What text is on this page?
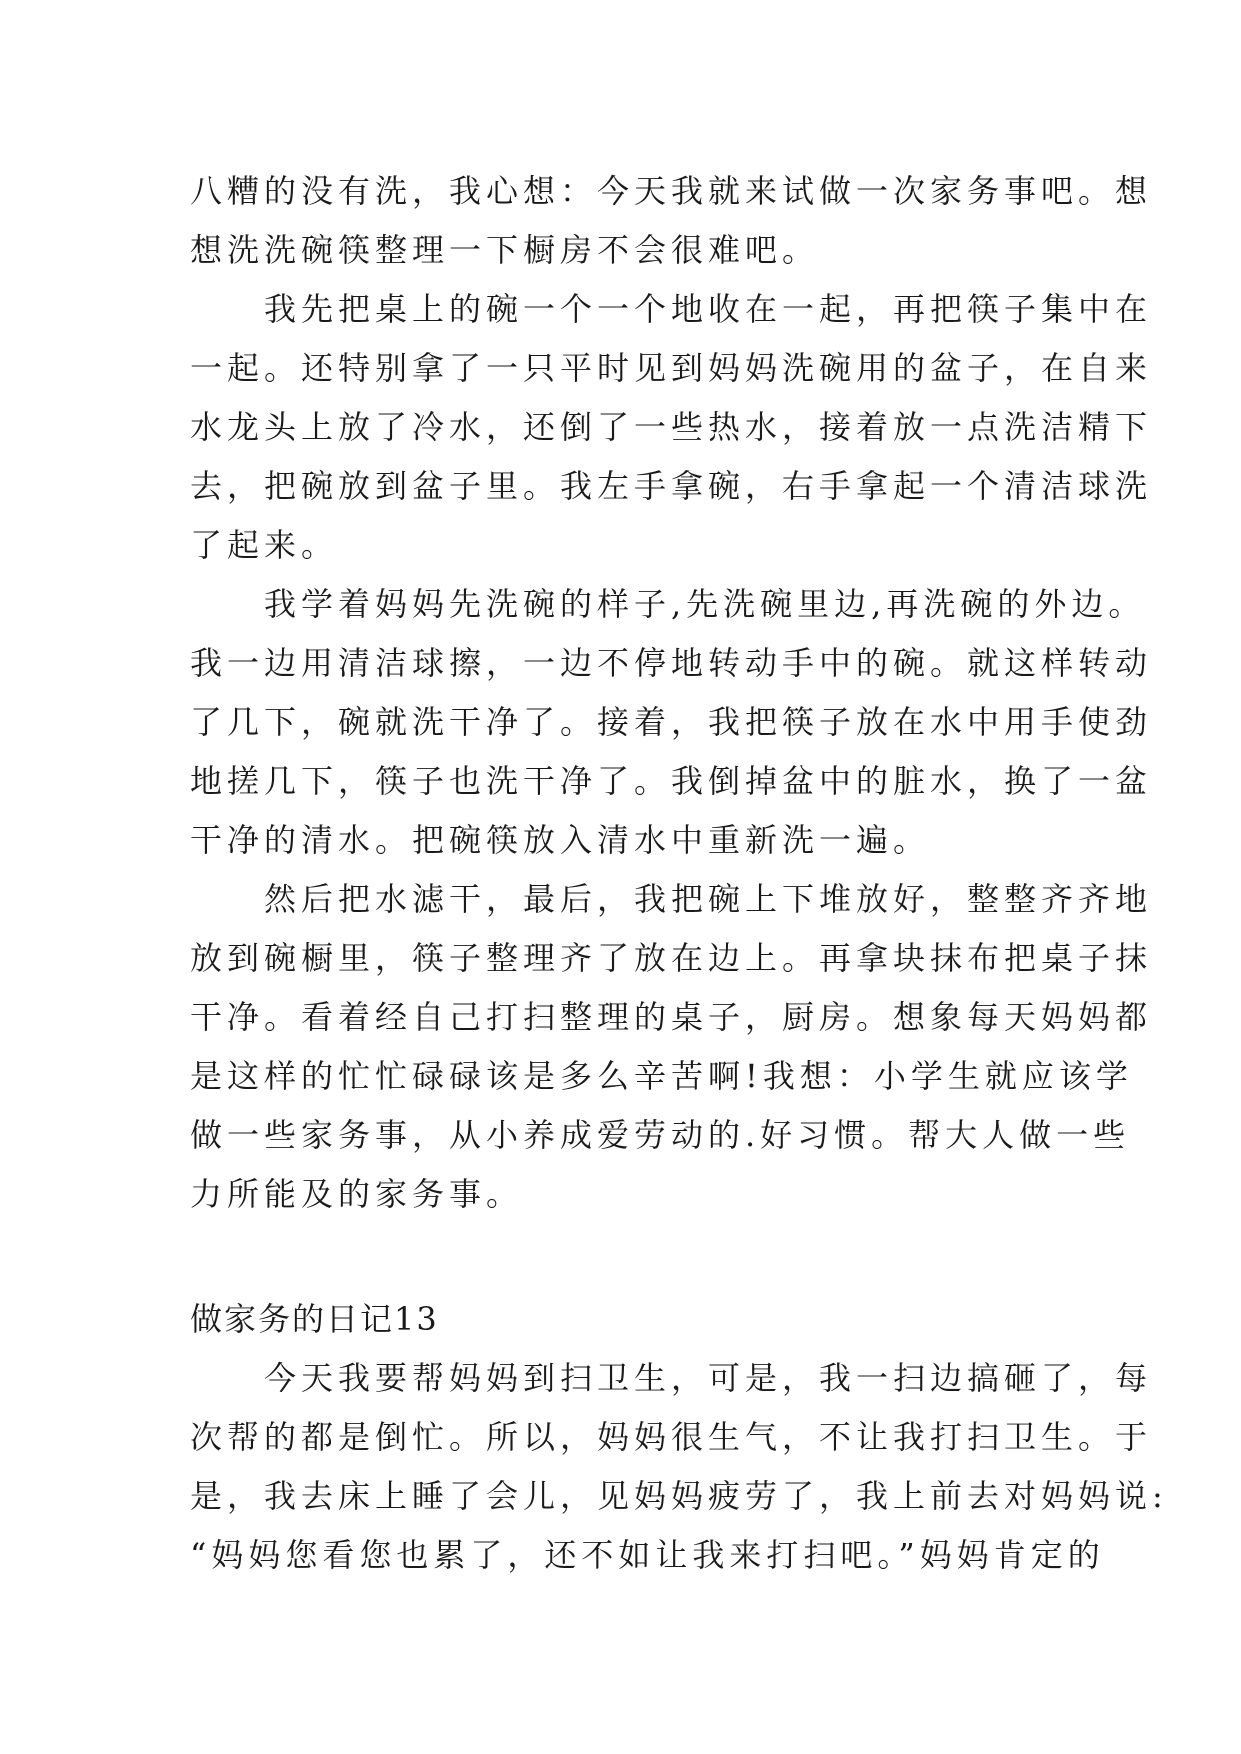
八糟的没有洗，我心想：今天我就来试做一次家务事吧。想
想洗洗碗筷整理一下橱房不会很难吧。
我先把桌上的碗一个一个地收在一起，再把筷子集中在
一起。还特别拿了一只平时见到妈妈洗碗用的盆子，在自来
水龙头上放了冷水，还倒了一些热水，接着放一点洗洁精下
去，把碗放到盆子里。我左手拿碗，右手拿起一个清洁球洗
了起来。
我学着妈妈先洗碗的样子,先洗碗里边,再洗碗的外边。
我一边用清洁球擦，一边不停地转动手中的碗。就这样转动
了几下，碗就洗干净了。接着，我把筷子放在水中用手使劲
地搓几下，筷子也洗干净了。我倒掉盆中的脏水，换了一盆
干净的清水。把碗筷放入清水中重新洗一遍。
然后把水滤干，最后，我把碗上下堆放好，整整齐齐地
放到碗橱里，筷子整理齐了放在边上。再拿块抹布把桌子抹
干净。看着经自己打扫整理的桌子，厨房。想象每天妈妈都
是这样的忙忙碌碌该是多么辛苦啊!我想：小学生就应该学
做一些家务事，从小养成爱劳动的.好习惯。帮大人做一些
力所能及的家务事。
做家务的日记13
今天我要帮妈妈到扫卫生，可是，我一扫边搞砸了，每
次帮的都是倒忙。所以，妈妈很生气，不让我打扫卫生。于
是，我去床上睡了会儿，见妈妈疲劳了，我上前去对妈妈说:
“妈妈您看您也累了，还不如让我来打扫吧。”妈妈肯定的
